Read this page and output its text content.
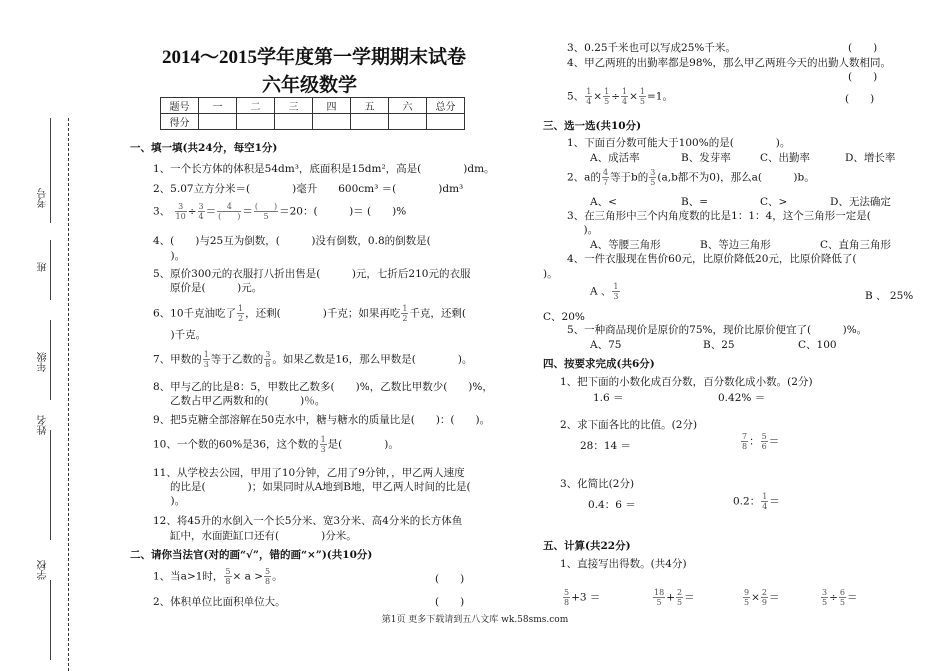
考号
班
年级
姓名
学校
2014～2015学年度第一学期期末试卷
六年级数学
题号	一	二	三	四	五	六	总分
得分							
一、填一填(共24分，每空1分)
1、一个长方体的体积是54dm³，底面积是15dm²，高是(　　　　)dm。
2、5.07立方分米＝(　　　　)毫升　　600cm³ ＝(　　　　)dm³
3、 $\frac{3}{10} \div \frac{3}{4} = \frac{4}{( )} = \frac{( )}{5} =20$：(　　　)＝ (　　)%
4、(　　)与25互为倒数，(　　　)没有倒数，0.8的倒数是(
　)。
5、原价300元的衣服打八折出售是(　　　)元，七折后210元的衣服
原价是(　　　)元。
6、10千克油吃了 $\frac{1}{2}$ ，还剩(　　　　)千克；如果再吃 $\frac{1}{2}$ 千克，还剩(
　)千克。
7、甲数的 $\frac{1}{3}$ 等于乙数的 $\frac{3}{8}$ 。如果乙数是16，那么甲数是(　　　　)。
8、甲与乙的比是8：5，甲数比乙数多(　　)%，乙数比甲数少(　　)%，
乙数占甲乙两数和的(　　　)％。
9、把5克糖全部溶解在50克水中，糖与糖水的质量比是(　　)：(　　)。
10、一个数的60%是36，这个数的 $\frac{1}{3}$ 是(　　　　)。
11、从学校去公园，甲用了10分钟，乙用了9分钟，，甲乙两人速度
的比是(　　　　)；如果同时从A地到B地，甲乙两人时间的比是(
　)。
12、将45升的水倒入一个长5分米、宽3分米、高4分米的长方体鱼
缸中，水面距缸口还有(　　　　)分米。
二、请你当法官(对的画“√”，错的画“×”)(共10分)
1、当a>1时， $\frac{5}{8} \times a > \frac{5}{8}$ 。	(　　)
2、体积单位比面积单位大。	(　　)
3、0.25千米也可以写成25%千米。	(　　)
4、甲乙两班的出勤率都是98%，那么甲乙两班今天的出勤人数相同。
(　　)
5、 $\frac{1}{4} \times \frac{1}{5} \div \frac{1}{4} \times \frac{1}{5} =1$。	(　　)
三、选一选(共10分)
1、下面百分数可能大于100%的是(　　　　)。
A、成活率	B、发芽率	C、出勤率	D、增长率
2、a的 $\frac{4}{7}$ 等于b的 $\frac{3}{5} (a,b$都不为0)，那么a(　　　)b。
A、<	B、=	C、>	D、无法确定
3、在三角形中三个内角度数的比是1：1：4，这个三角形一定是(
　)。
A、等腰三角形	B、等边三角形	C、直角三角形
4、一件衣服现在售价60元，比原价降低20元，比原价降低了(
)。
A 、 $\frac{1}{3}$	B 、 25%
C、20%
5、一种商品现价是原价的75%，现价比原价便宜了(　　　)%。
A、75	B、25	C、100
四、按要求完成(共6分)
1、把下面的小数化成百分数，百分数化成小数。(2分)
1.6 ＝	0.42% ＝
2、求下面各比的比值。(2分)
28：14 ＝	$\frac{7}{8}$ ： $\frac{5}{6}$ ＝
3、化简比(2分)
0.4：6 ＝	0.2： $\frac{1}{4}$ ＝
五、计算(共22分)
1、直接写出得数。(共4分)
$\frac{5}{8} +3$ ＝	$\frac{18}{5} + \frac{2}{5}$ ＝	$\frac{9}{5} \times \frac{2}{9}$ ＝	$\frac{3}{5} \div \frac{6}{5}$ ＝
第1页 更多下载请到五八文库 wk.58sms.com
